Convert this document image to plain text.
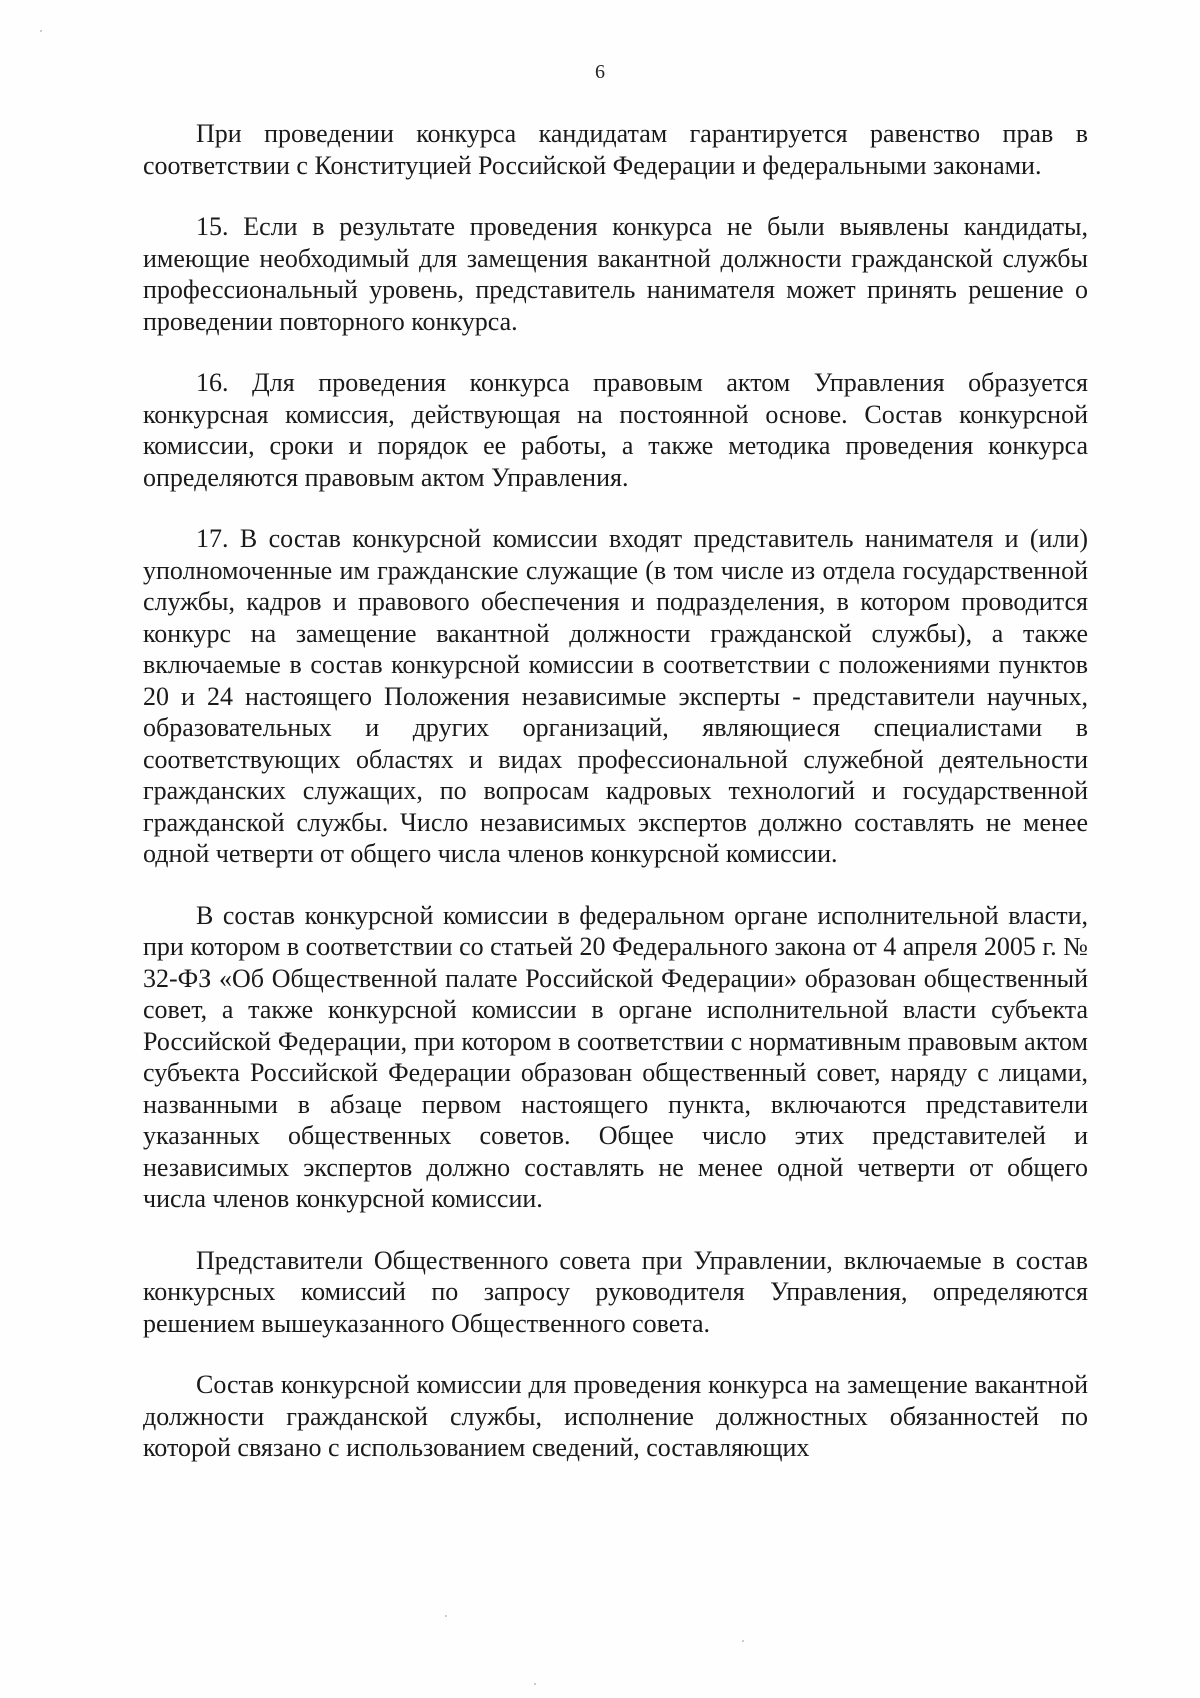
6

При проведении конкурса кандидатам гарантируется равенство прав в соответствии с Конституцией Российской Федерации и федеральными законами.

15. Если в результате проведения конкурса не были выявлены кандидаты, имеющие необходимый для замещения вакантной должности гражданской службы профессиональный уровень, представитель нанимателя может принять решение о проведении повторного конкурса.

16. Для проведения конкурса правовым актом Управления образуется конкурсная комиссия, действующая на постоянной основе. Состав конкурсной комиссии, сроки и порядок ее работы, а также методика проведения конкурса определяются правовым актом Управления.

17. В состав конкурсной комиссии входят представитель нанимателя и (или) уполномоченные им гражданские служащие (в том числе из отдела государственной службы, кадров и правового обеспечения и подразделения, в котором проводится конкурс на замещение вакантной должности гражданской службы), а также включаемые в состав конкурсной комиссии в соответствии с положениями пунктов 20 и 24 настоящего Положения независимые эксперты - представители научных, образовательных и других организаций, являющиеся специалистами в соответствующих областях и видах профессиональной служебной деятельности гражданских служащих, по вопросам кадровых технологий и государственной гражданской службы. Число независимых экспертов должно составлять не менее одной четверти от общего числа членов конкурсной комиссии.

В состав конкурсной комиссии в федеральном органе исполнительной власти, при котором в соответствии со статьей 20 Федерального закона от 4 апреля 2005 г. № 32-ФЗ «Об Общественной палате Российской Федерации» образован общественный совет, а также конкурсной комиссии в органе исполнительной власти субъекта Российской Федерации, при котором в соответствии с нормативным правовым актом субъекта Российской Федерации образован общественный совет, наряду с лицами, названными в абзаце первом настоящего пункта, включаются представители указанных общественных советов. Общее число этих представителей и независимых экспертов должно составлять не менее одной четверти от общего числа членов конкурсной комиссии.

Представители Общественного совета при Управлении, включаемые в состав конкурсных комиссий по запросу руководителя Управления, определяются решением вышеуказанного Общественного совета.

Состав конкурсной комиссии для проведения конкурса на замещение вакантной должности гражданской службы, исполнение должностных обязанностей по которой связано с использованием сведений, составляющих
